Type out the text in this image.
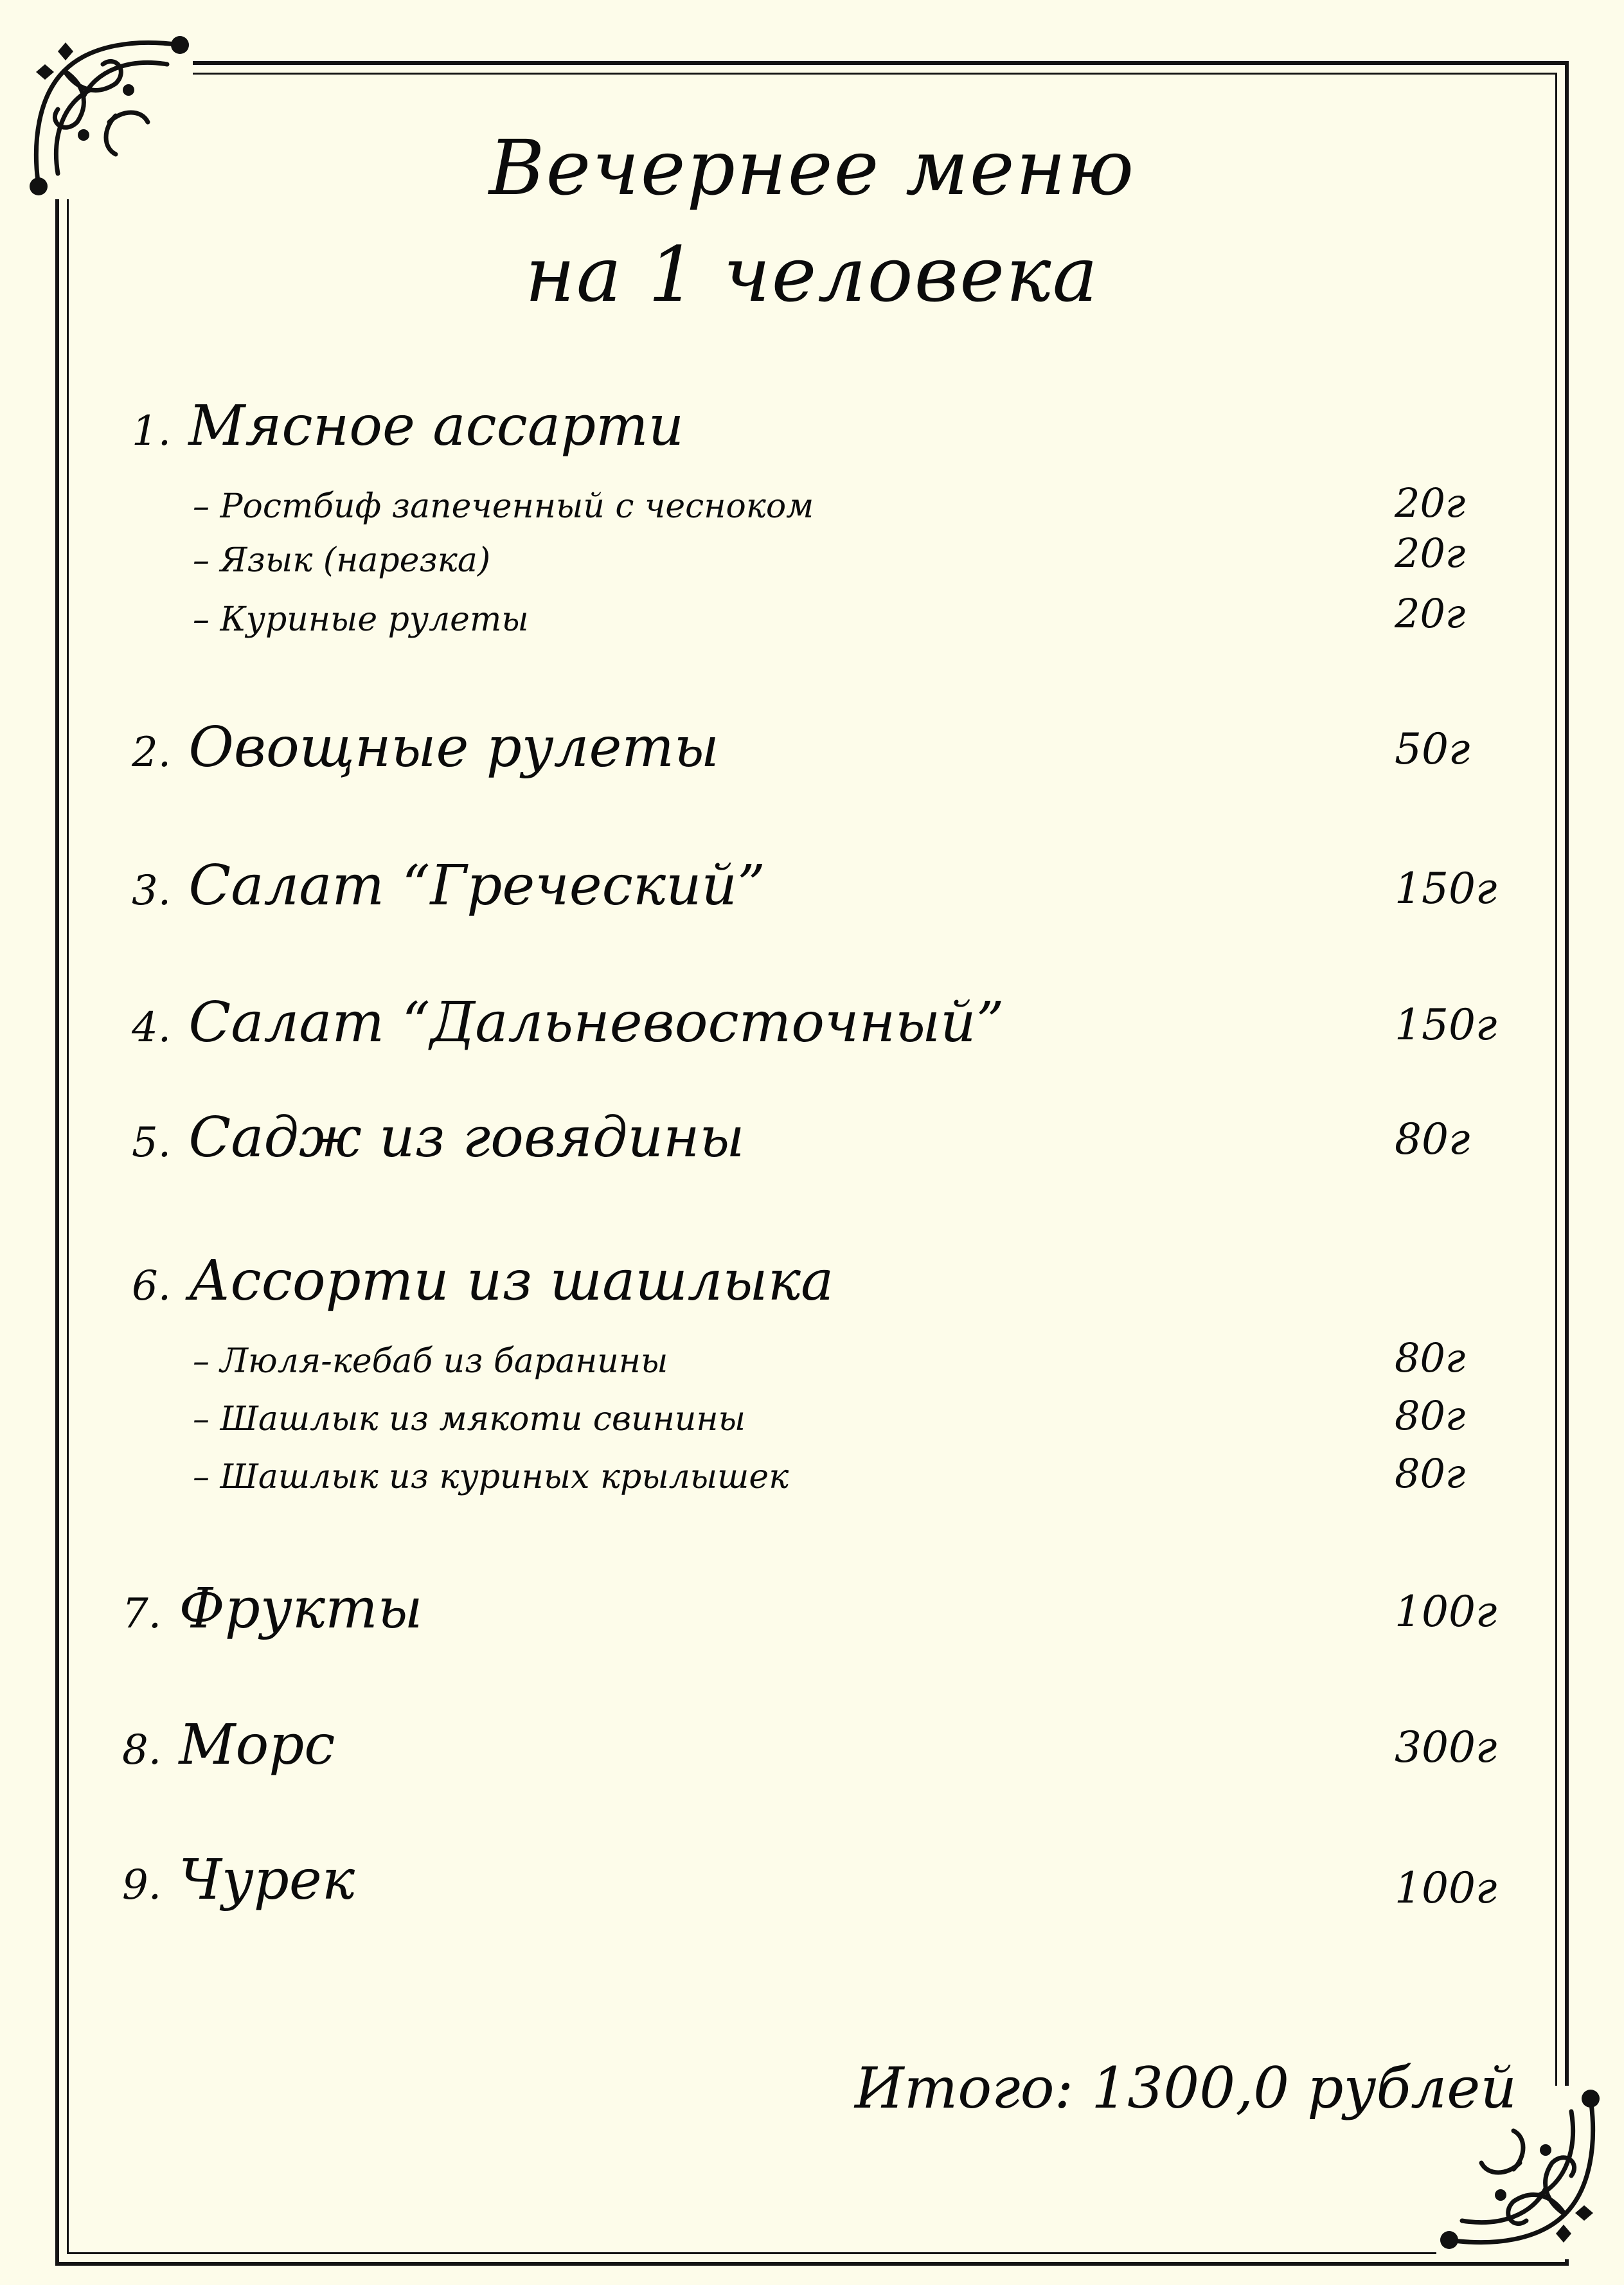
Вечернее меню
на 1 человека
1. Мясное ассарти
– Ростбиф запеченный с чесноком	20г
– Язык (нарезка)	20г
– Куриные рулеты	20г
2. Овощные рулеты	50г
3. Салат “Греческий”	150г
4. Салат “Дальневосточный”	150г
5. Садж из говядины	80г
6. Ассорти из шашлыка
– Люля-кебаб из баранины	80г
– Шашлык из мякоти свинины	80г
– Шашлык из куриных крылышек	80г
7. Фрукты	100г
8. Морс	300г
9. Чурек	100г
Итого: 1300,0 рублей
